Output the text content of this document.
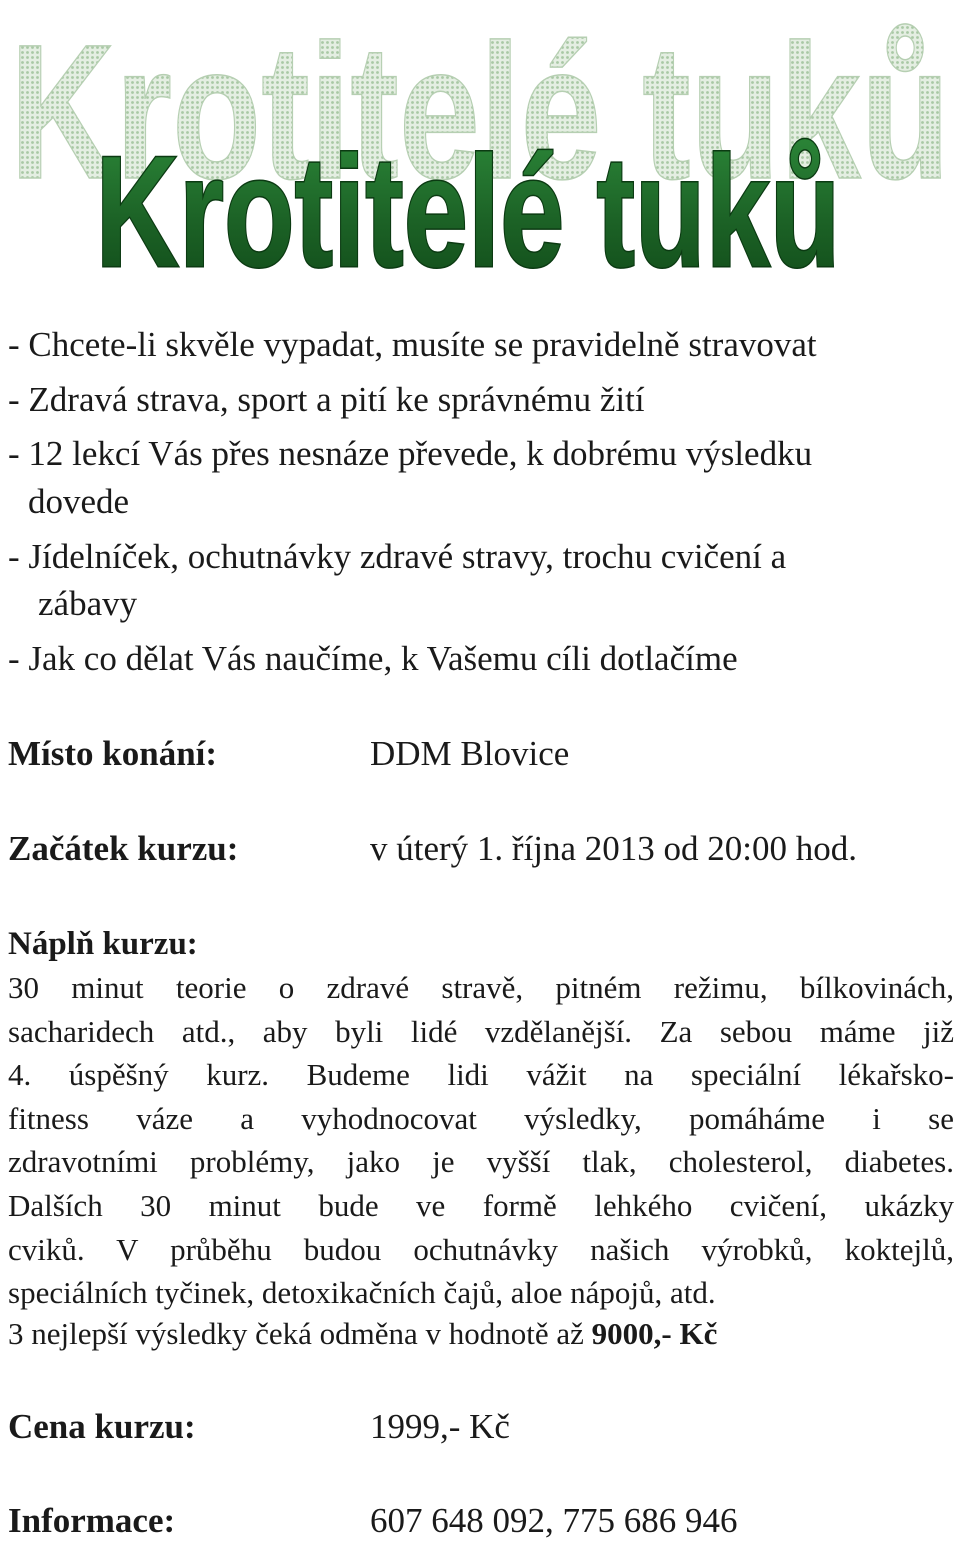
Krotitelé tuků
Krotitelé tuků
- Chcete-li skvěle vypadat, musíte se pravidelně stravovat
- Zdravá strava, sport a pití ke správnému žití
- 12 lekcí Vás přes nesnáze převede, k dobrému výsledku
dovede
- Jídelníček, ochutnávky zdravé stravy, trochu cvičení a
zábavy
- Jak co dělat Vás naučíme, k Vašemu cíli dotlačíme
Místo konání:	DDM Blovice
Začátek kurzu:	v úterý 1. října 2013 od 20:00 hod.
Náplň kurzu:

30 minut teorie o zdravé stravě, pitném režimu, bílkovinách,

sacharidech atd., aby byli lidé vzdělanější. Za sebou máme již

4. úspěšný kurz. Budeme lidi vážit na speciální lékařsko-

fitness váze a vyhodnocovat výsledky, pomáháme i se

zdravotními problémy, jako je vyšší tlak, cholesterol, diabetes.

Dalších 30 minut bude ve formě lehkého cvičení, ukázky

cviků. V průběhu budou ochutnávky našich výrobků, koktejlů,

speciálních tyčinek, detoxikačních čajů, aloe nápojů, atd.

3 nejlepší výsledky čeká odměna v hodnotě až 9000,- Kč
Cena kurzu:	1999,- Kč
Informace:	607 648 092, 775 686 946
